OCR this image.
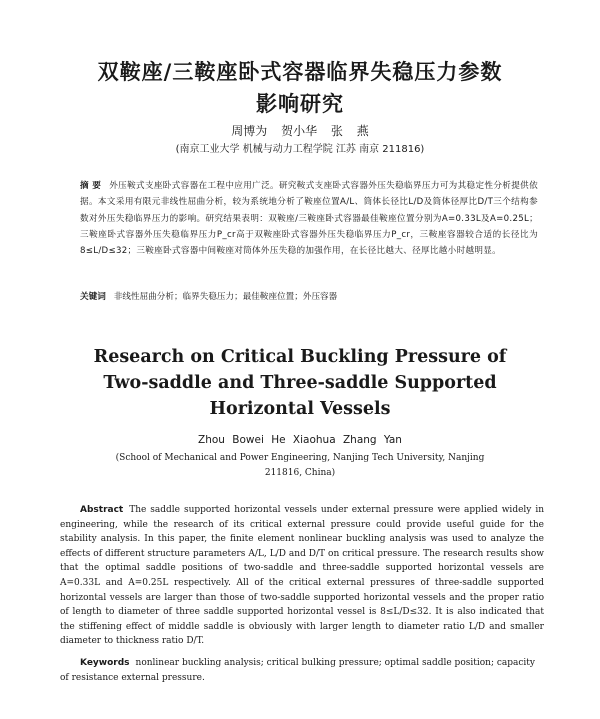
双鞍座/三鞍座卧式容器临界失稳压力参数
影响研究
周博为 贺小华 张 燕
(南京工业大学 机械与动力工程学院 江苏 南京 211816)
摘 要 外压鞍式支座卧式容器在工程中应用广泛。研究鞍式支座卧式容器外压失稳临界压力可为其稳定性分析提供依据。本文采用有限元非线性屈曲分析，较为系统地分析了鞍座位置A/L、筒体长径比L/D及筒体径厚比D/T三个结构参数对外压失稳临界压力的影响。研究结果表明：双鞍座/三鞍座卧式容器最佳鞍座位置分别为A=0.33L及A=0.25L；三鞍座卧式容器外压失稳临界压力P_cr高于双鞍座卧式容器外压失稳临界压力P_cr，三鞍座容器较合适的长径比为8≤L/D≤32；三鞍座卧式容器中间鞍座对筒体外压失稳的加强作用，在长径比越大、径厚比越小时越明显。
关键词 非线性屈曲分析；临界失稳压力；最佳鞍座位置；外压容器
Research on Critical Buckling Pressure of
Two-saddle and Three-saddle Supported
Horizontal Vessels
Zhou Bowei He Xiaohua Zhang Yan
(School of Mechanical and Power Engineering, Nanjing Tech University, Nanjing 211816, China)
Abstract The saddle supported horizontal vessels under external pressure were applied widely in engineering, while the research of its critical external pressure could provide useful guide for the stability analysis. In this paper, the finite element nonlinear buckling analysis was used to analyze the effects of different structure parameters A/L, L/D and D/T on critical pressure. The research results show that the optimal saddle positions of two-saddle and three-saddle supported horizontal vessels are A=0.33L and A=0.25L respectively. All of the critical external pressures of three-saddle supported horizontal vessels are larger than those of two-saddle supported horizontal vessels and the proper ratio of length to diameter of three saddle supported horizontal vessel is 8≤L/D≤32. It is also indicated that the stiffening effect of middle saddle is obviously with larger length to diameter ratio L/D and smaller diameter to thickness ratio D/T.
Keywords nonlinear buckling analysis; critical bulking pressure; optimal saddle position; capacity of resistance external pressure.
